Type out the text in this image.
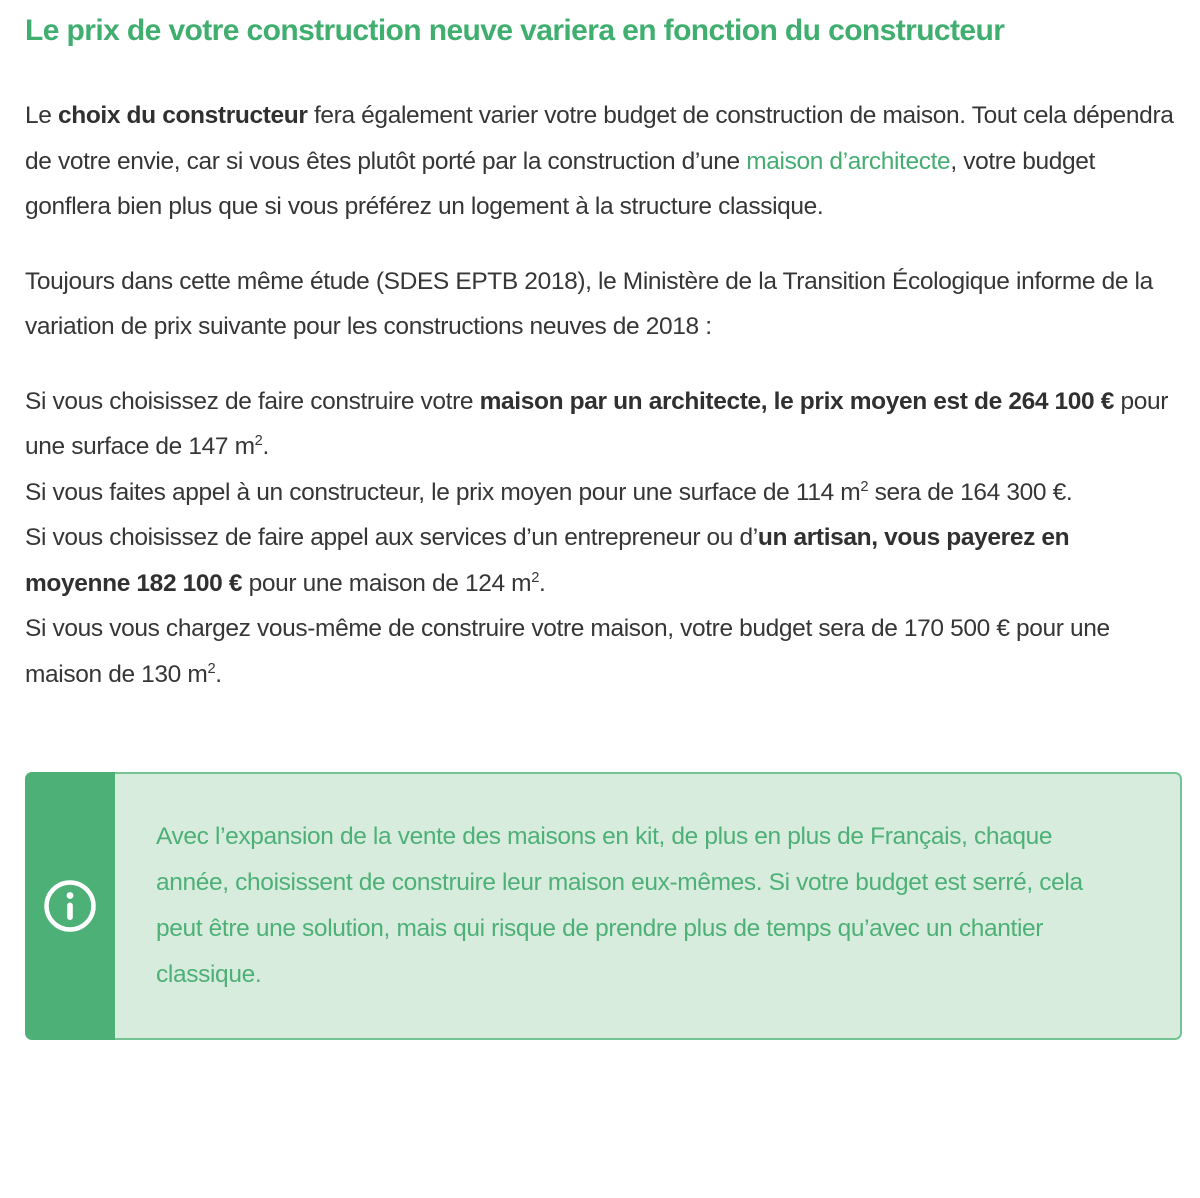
Le prix de votre construction neuve variera en fonction du constructeur

Le choix du constructeur fera également varier votre budget de construction de maison. Tout cela dépendra de votre envie, car si vous êtes plutôt porté par la construction d’une maison d’architecte, votre budget gonflera bien plus que si vous préférez un logement à la structure classique.

Toujours dans cette même étude (SDES EPTB 2018), le Ministère de la Transition Écologique informe de la variation de prix suivante pour les constructions neuves de 2018 :

Si vous choisissez de faire construire votre maison par un architecte, le prix moyen est de 264 100 € pour une surface de 147 $m^2$.
Si vous faites appel à un constructeur, le prix moyen pour une surface de 114 $m^2$ sera de 164 300 €.
Si vous choisissez de faire appel aux services d’un entrepreneur ou d’un artisan, vous payerez en moyenne 182 100 € pour une maison de 124 $m^2$.
Si vous vous chargez vous-même de construire votre maison, votre budget sera de 170 500 € pour une maison de 130 $m^2$.

Avec l’expansion de la vente des maisons en kit, de plus en plus de Français, chaque année, choisissent de construire leur maison eux-mêmes. Si votre budget est serré, cela peut être une solution, mais qui risque de prendre plus de temps qu’avec un chantier classique.
